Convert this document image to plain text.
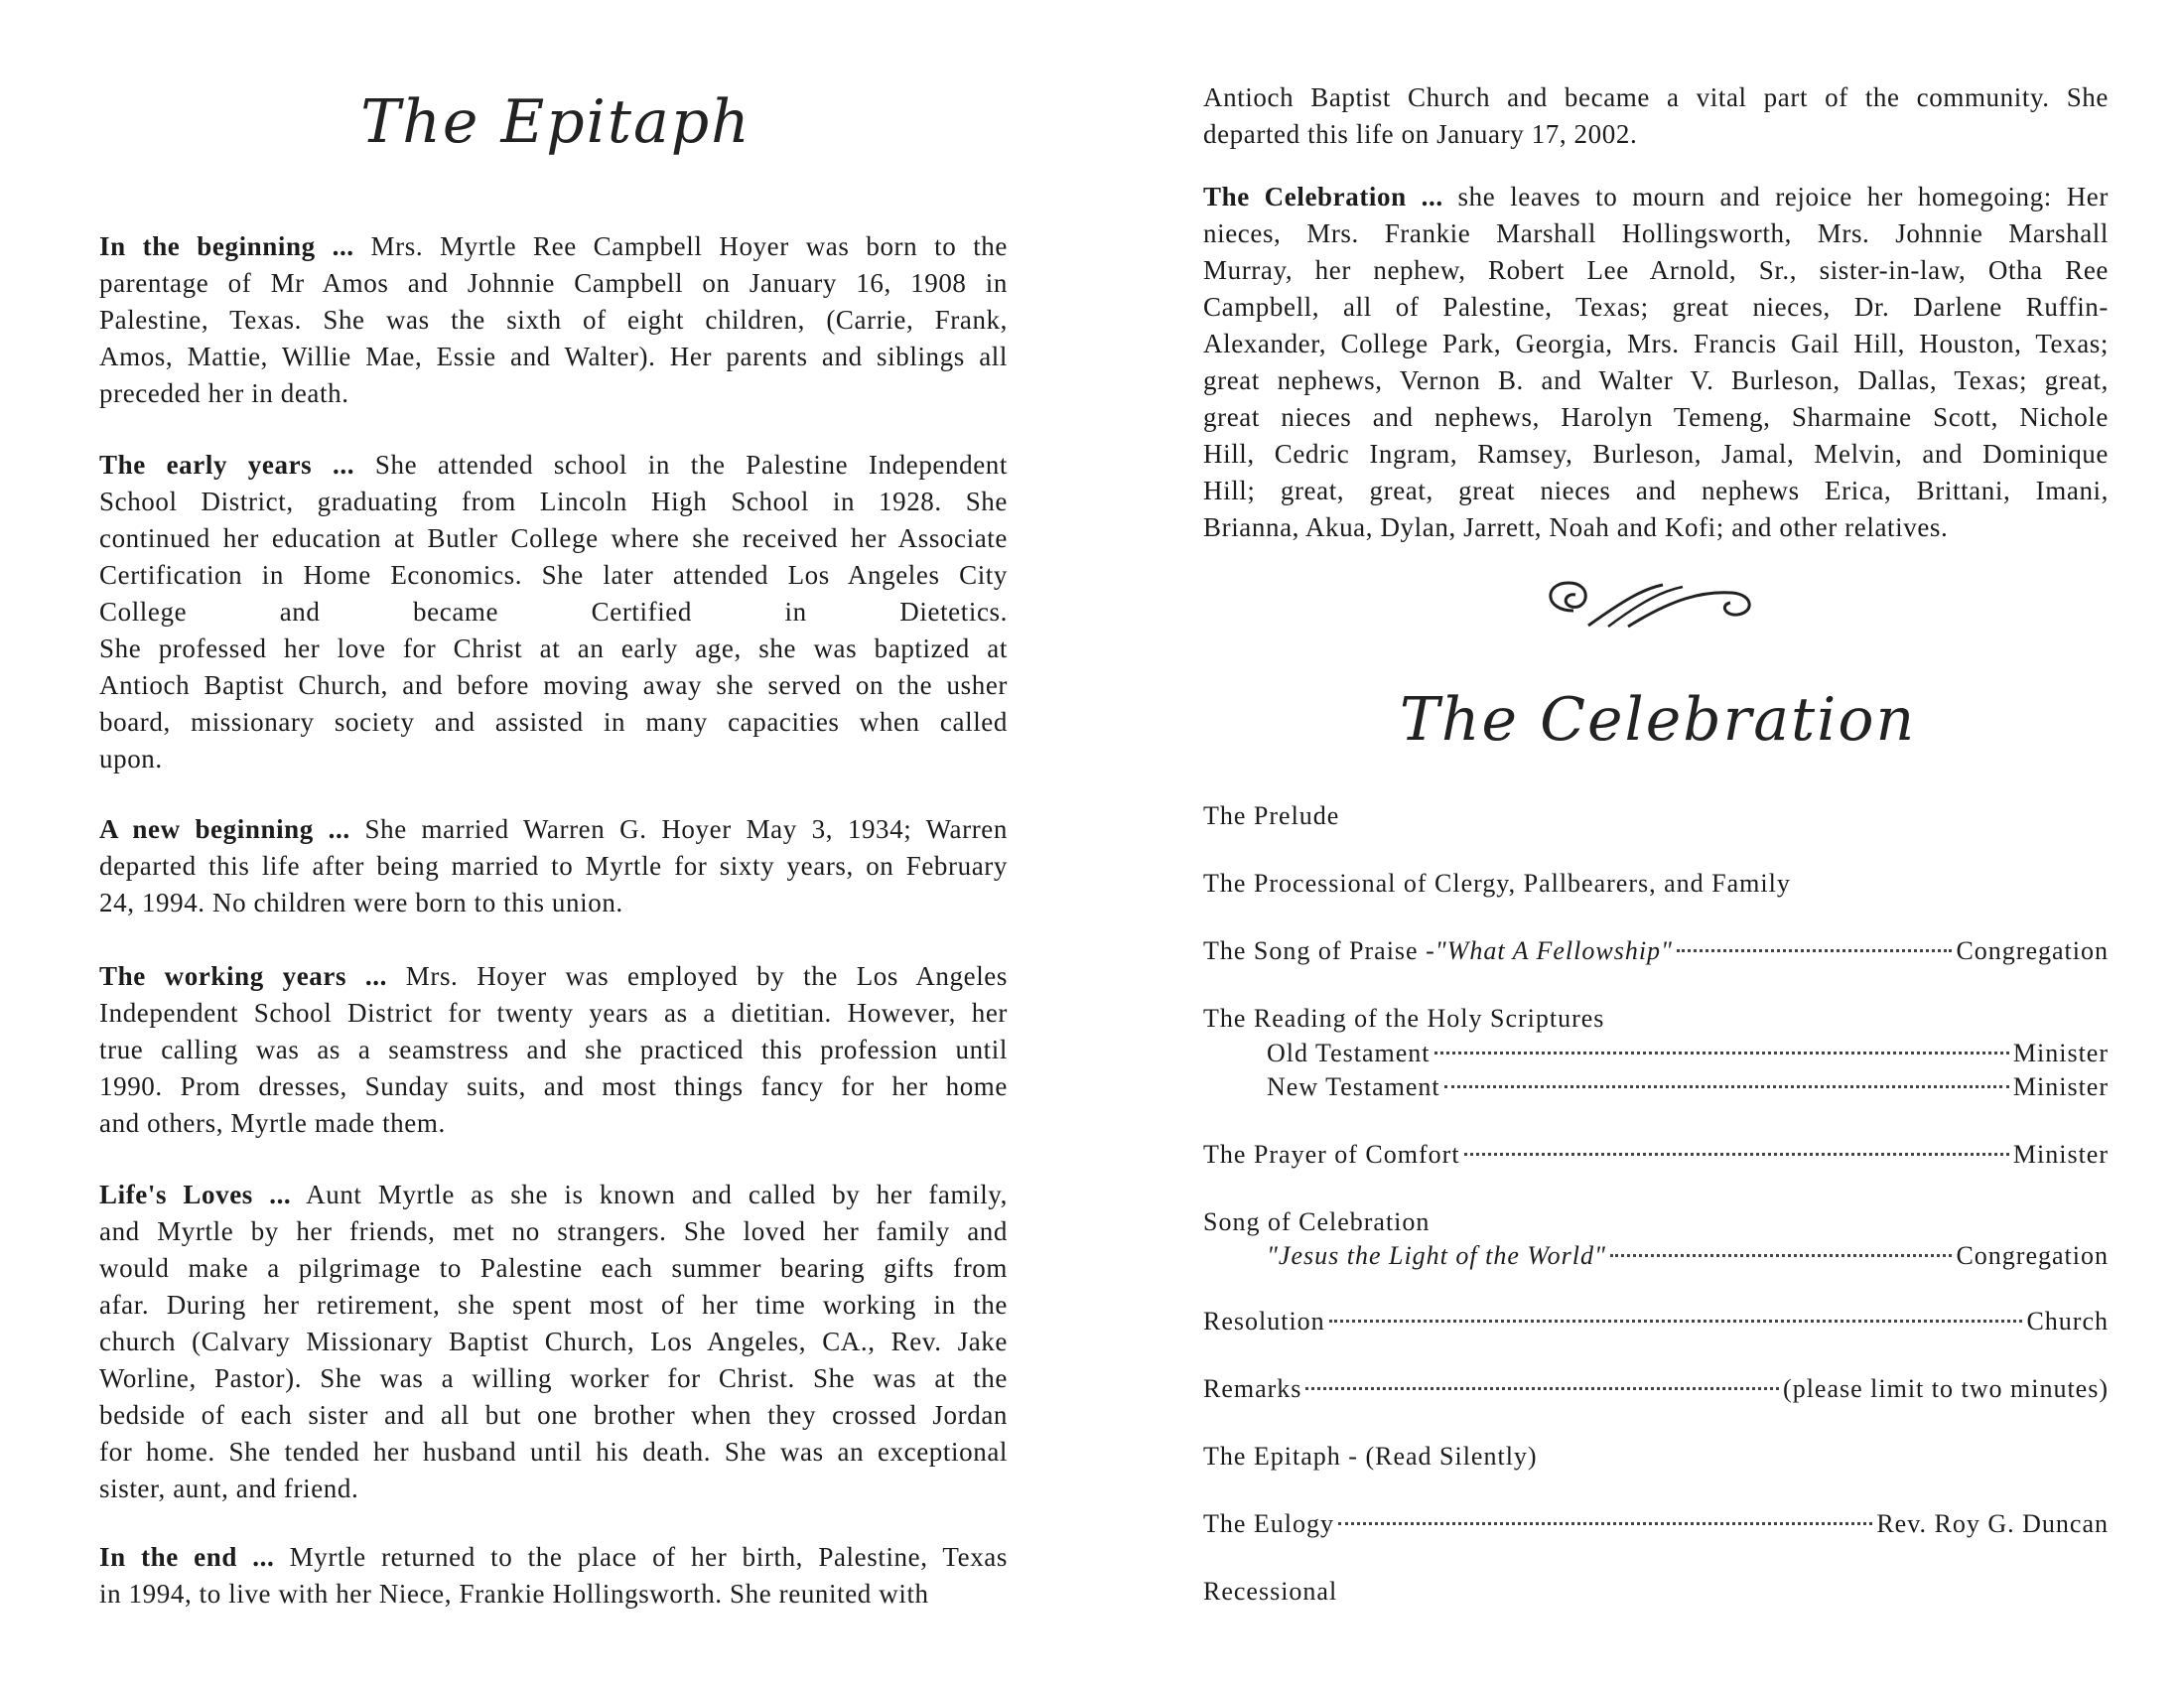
The Epitaph
In the beginning ... Mrs. Myrtle Ree Campbell Hoyer was born to the
parentage of Mr Amos and Johnnie Campbell on January 16, 1908 in
Palestine, Texas. She was the sixth of eight children, (Carrie, Frank,
Amos, Mattie, Willie Mae, Essie and Walter). Her parents and siblings all
preceded her in death.
The early years ... She attended school in the Palestine Independent
School District, graduating from Lincoln High School in 1928. She
continued her education at Butler College where she received her Associate
Certification in Home Economics. She later attended Los Angeles City
College and became Certified in Dietetics.
She professed her love for Christ at an early age, she was baptized at
Antioch Baptist Church, and before moving away she served on the usher
board, missionary society and assisted in many capacities when called
upon.
A new beginning ... She married Warren G. Hoyer May 3, 1934; Warren
departed this life after being married to Myrtle for sixty years, on February
24, 1994. No children were born to this union.
The working years ... Mrs. Hoyer was employed by the Los Angeles
Independent School District for twenty years as a dietitian. However, her
true calling was as a seamstress and she practiced this profession until
1990. Prom dresses, Sunday suits, and most things fancy for her home
and others, Myrtle made them.
Life's Loves ... Aunt Myrtle as she is known and called by her family,
and Myrtle by her friends, met no strangers. She loved her family and
would make a pilgrimage to Palestine each summer bearing gifts from
afar. During her retirement, she spent most of her time working in the
church (Calvary Missionary Baptist Church, Los Angeles, CA., Rev. Jake
Worline, Pastor). She was a willing worker for Christ. She was at the
bedside of each sister and all but one brother when they crossed Jordan
for home. She tended her husband until his death. She was an exceptional
sister, aunt, and friend.
In the end ... Myrtle returned to the place of her birth, Palestine, Texas
in 1994, to live with her Niece, Frankie Hollingsworth. She reunited with
Antioch Baptist Church and became a vital part of the community. She
departed this life on January 17, 2002.
The Celebration ... she leaves to mourn and rejoice her homegoing: Her
nieces, Mrs. Frankie Marshall Hollingsworth, Mrs. Johnnie Marshall
Murray, her nephew, Robert Lee Arnold, Sr., sister-in-law, Otha Ree
Campbell, all of Palestine, Texas; great nieces, Dr. Darlene Ruffin-
Alexander, College Park, Georgia, Mrs. Francis Gail Hill, Houston, Texas;
great nephews, Vernon B. and Walter V. Burleson, Dallas, Texas; great,
great nieces and nephews, Harolyn Temeng, Sharmaine Scott, Nichole
Hill, Cedric Ingram, Ramsey, Burleson, Jamal, Melvin, and Dominique
Hill; great, great, great nieces and nephews Erica, Brittani, Imani,
Brianna, Akua, Dylan, Jarrett, Noah and Kofi; and other relatives.
The Celebration
The Prelude
The Processional of Clergy, Pallbearers, and Family
The Song of Praise - "What A Fellowship"	Congregation
The Reading of the Holy Scriptures
Old Testament	Minister
New Testament	Minister
The Prayer of Comfort	Minister
Song of Celebration
"Jesus the Light of the World"	Congregation
Resolution	Church
Remarks	(please limit to two minutes)
The Epitaph - (Read Silently)
The Eulogy	Rev. Roy G. Duncan
Recessional
